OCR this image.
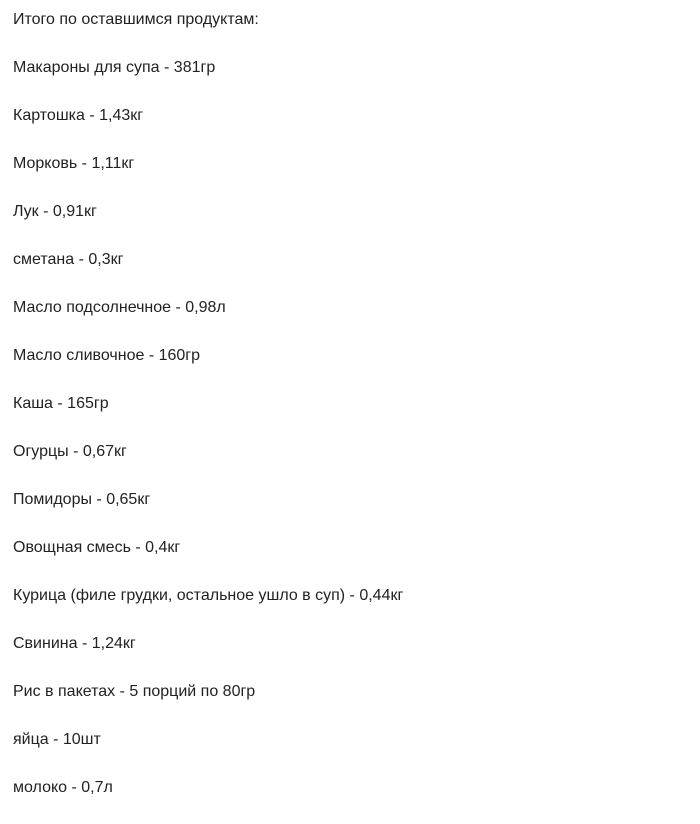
Итого по оставшимся продуктам:
Макароны для супа - 381гр
Картошка - 1,43кг
Морковь - 1,11кг
Лук - 0,91кг
сметана - 0,3кг
Масло подсолнечное - 0,98л
Масло сливочное - 160гр
Каша - 165гр
Огурцы - 0,67кг
Помидоры - 0,65кг
Овощная смесь - 0,4кг
Курица (филе грудки, остальное ушло в суп) - 0,44кг
Свинина - 1,24кг
Рис в пакетах - 5 порций по 80гр
яйца - 10шт
молоко - 0,7л
